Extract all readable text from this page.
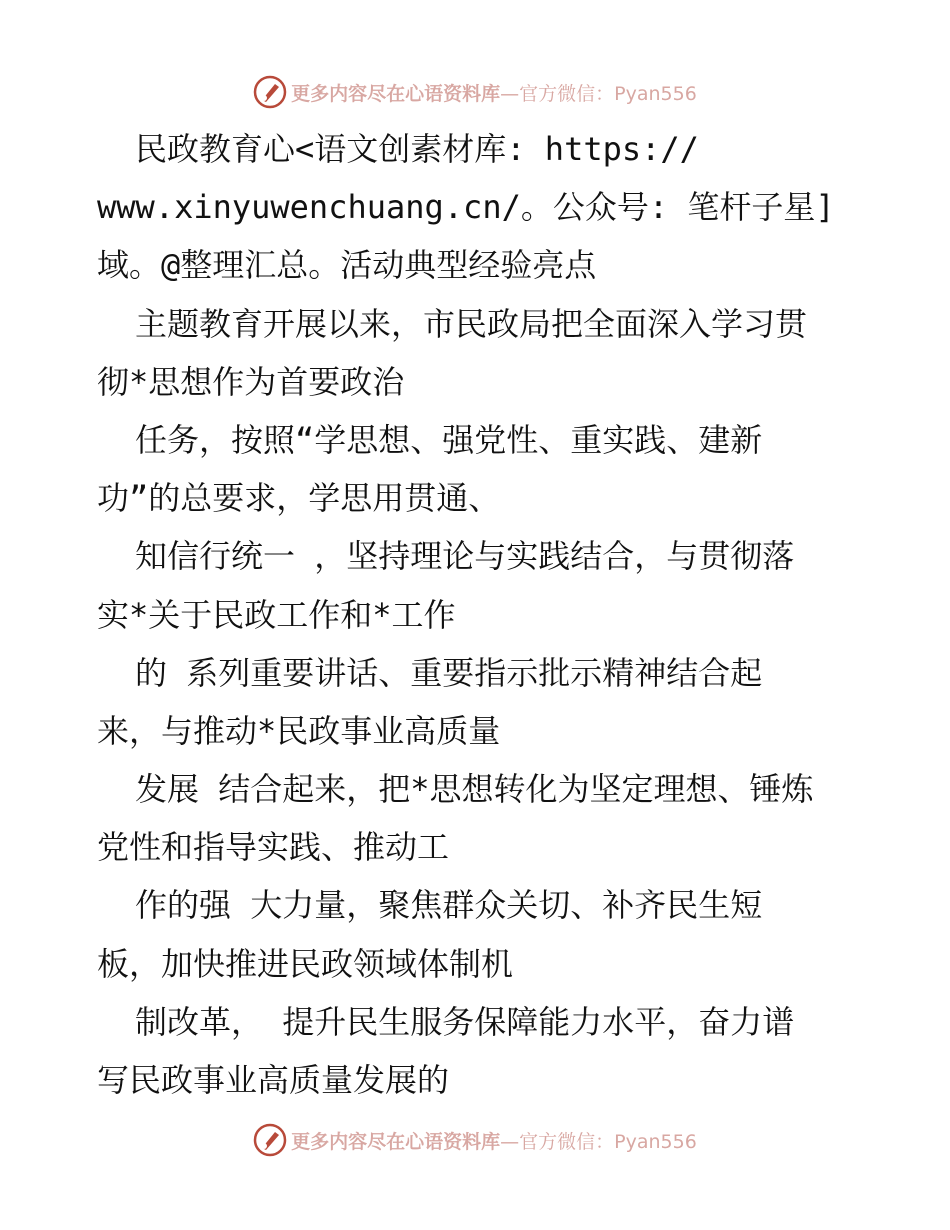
更多内容尽在心语资料库 —官方微信：Pyan556
民政教育心<语文创素材库: https://
www.xinyuwenchuang.cn/。公众号: 笔杆子星]
域。@整理汇总。活动典型经验亮点
主题教育开展以来，市民政局把全面深入学习贯
彻*思想作为首要政治
任务，按照“学思想、强党性、重实践、建新
功”的总要求，学思用贯通、
知信行统一 ，坚持理论与实践结合，与贯彻落
实*关于民政工作和*工作
的 系列重要讲话、重要指示批示精神结合起
来，与推动*民政事业高质量
发展 结合起来，把*思想转化为坚定理想、锤炼
党性和指导实践、推动工
作的强 大力量，聚焦群众关切、补齐民生短
板，加快推进民政领域体制机
制改革， 提升民生服务保障能力水平，奋力谱
写民政事业高质量发展的
更多内容尽在心语资料库 —官方微信：Pyan556
